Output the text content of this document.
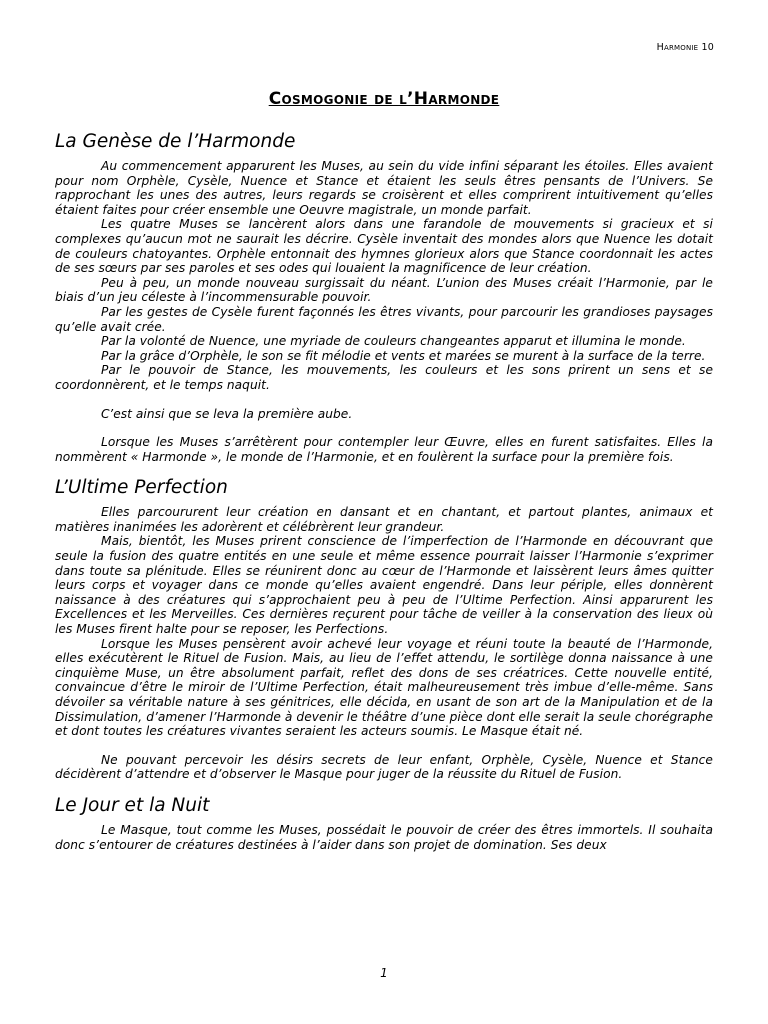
Harmonie 10
Cosmogonie de l’Harmonde
La Genèse de l’Harmonde

Au commencement apparurent les Muses, au sein du vide infini séparant les étoiles. Elles avaient pour nom Orphèle, Cysèle, Nuence et Stance et étaient les seuls êtres pensants de l’Univers. Se rapprochant les unes des autres, leurs regards se croisèrent et elles comprirent intuitivement qu’elles étaient faites pour créer ensemble une Oeuvre magistrale, un monde parfait.

Les quatre Muses se lancèrent alors dans une farandole de mouvements si gracieux et si complexes qu’aucun mot ne saurait les décrire. Cysèle inventait des mondes alors que Nuence les dotait de couleurs chatoyantes. Orphèle entonnait des hymnes glorieux alors que Stance coordonnait les actes de ses sœurs par ses paroles et ses odes qui louaient la magnificence de leur création.

Peu à peu, un monde nouveau surgissait du néant. L’union des Muses créait l’Harmonie, par le biais d’un jeu céleste à l’incommensurable pouvoir.

Par les gestes de Cysèle furent façonnés les êtres vivants, pour parcourir les grandioses paysages qu’elle avait crée.

Par la volonté de Nuence, une myriade de couleurs changeantes apparut et illumina le monde.

Par la grâce d’Orphèle, le son se fit mélodie et vents et marées se murent à la surface de la terre.

Par le pouvoir de Stance, les mouvements, les couleurs et les sons prirent un sens et se coordonnèrent, et le temps naquit.

C’est ainsi que se leva la première aube.

Lorsque les Muses s’arrêtèrent pour contempler leur Œuvre, elles en furent satisfaites. Elles la nommèrent « Harmonde », le monde de l’Harmonie, et en foulèrent la surface pour la première fois.

L’Ultime Perfection

Elles parcoururent leur création en dansant et en chantant, et partout plantes, animaux et matières inanimées les adorèrent et célébrèrent leur grandeur.

Mais, bientôt, les Muses prirent conscience de l’imperfection de l’Harmonde en découvrant que seule la fusion des quatre entités en une seule et même essence pourrait laisser l’Harmonie s’exprimer dans toute sa plénitude. Elles se réunirent donc au cœur de l’Harmonde et laissèrent leurs âmes quitter leurs corps et voyager dans ce monde qu’elles avaient engendré. Dans leur périple, elles donnèrent naissance à des créatures qui s’approchaient peu à peu de l’Ultime Perfection. Ainsi apparurent les Excellences et les Merveilles. Ces dernières reçurent pour tâche de veiller à la conservation des lieux où les Muses firent halte pour se reposer, les Perfections.

Lorsque les Muses pensèrent avoir achevé leur voyage et réuni toute la beauté de l’Harmonde, elles exécutèrent le Rituel de Fusion. Mais, au lieu de l’effet attendu, le sortilège donna naissance à une cinquième Muse, un être absolument parfait, reflet des dons de ses créatrices. Cette nouvelle entité, convaincue d’être le miroir de l’Ultime Perfection, était malheureusement très imbue d’elle-même. Sans dévoiler sa véritable nature à ses génitrices, elle décida, en usant de son art de la Manipulation et de la Dissimulation, d’amener l’Harmonde à devenir le théâtre d’une pièce dont elle serait la seule chorégraphe et dont toutes les créatures vivantes seraient les acteurs soumis. Le Masque était né.

Ne pouvant percevoir les désirs secrets de leur enfant, Orphèle, Cysèle, Nuence et Stance décidèrent d’attendre et d’observer le Masque pour juger de la réussite du Rituel de Fusion.

Le Jour et la Nuit

Le Masque, tout comme les Muses, possédait le pouvoir de créer des êtres immortels. Il souhaita donc s’entourer de créatures destinées à l’aider dans son projet de domination. Ses deux

1
